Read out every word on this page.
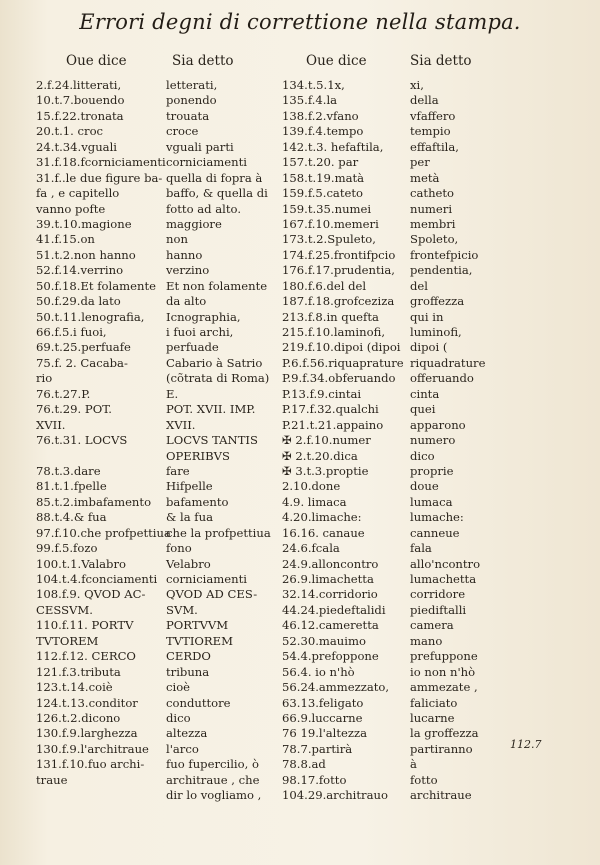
Errori degni di correttione nella stampa.
Oue dice
2.f.24.litterati,
10.t.7.bouendo
15.f.22.tronata
20.t.1. croc
24.t.34.vguali
31.f.18.fcorniciamenti
31.f..le due figure ba-
fa , e capitello
vanno pofte
39.t.10.magione
41.f.15.on
51.t.2.non hanno
52.f.14.verrino
50.f.18.Et folamente
50.f.29.da lato
50.t.11.lenografia,
66.f.5.i fuoi,
69.t.25.perfuafe
75.f. 2. Cacaba-
rio
76.t.27.P.
76.t.29. POT.
XVII.
76.t.31. LOCVS
78.t.3.dare
81.t.1.fpelle
85.t.2.imbafamento
88.t.4.& fua
97.f.10.che profpettiua
99.f.5.fozo
100.t.1.Valabro
104.t.4.fconciamenti
108.f.9. QVOD AC-
CESSVM.
110.f.11. PORTV
TVTOREM
112.f.12. CERCO
121.f.3.tributa
123.t.14.coiè
124.t.13.conditor
126.t.2.dicono
130.f.9.larghezza
130.f.9.l'architraue
131.f.10.fuo archi-
traue
Sia detto
letterati,
ponendo
trouata
croce
vguali parti
corniciamenti
quella di fopra à
baffo, & quella di
fotto ad alto.
maggiore
non
hanno
verzino
Et non folamente
da alto
Icnographia,
i fuoi archi,
perfuade
Cabario à Satrio
(cõtrata di Roma)
E.
POT. XVII. IMP.
XVII.
LOCVS TANTIS
OPERIBVS
fare
Hifpelle
bafamento
& la fua
che la profpettiua
fono
Velabro
corniciamenti
QVOD AD CES-
SVM.
PORTVVM
TVTIOREM
CERDO
tribuna
cioè
conduttore
dico
altezza
l'arco
fuo fupercilio, ò
architraue , che
dir lo vogliamo ,
Oue dice
134.t.5.1x,
135.f.4.la
138.f.2.vfano
139.f.4.tempo
142.t.3. hefaftila,
157.t.20. par
158.t.19.matà
159.f.5.cateto
159.t.35.numei
167.f.10.memeri
173.t.2.Spuleto,
174.f.25.frontifpcio
176.f.17.prudentia,
180.f.6.del del
187.f.18.grofceziza
213.f.8.in quefta
215.f.10.laminofi,
219.f.10.dipoi (dipoi
P.6.f.56.riquaprature
P.9.f.34.obferuando
P.13.f.9.cintai
P.17.f.32.qualchi
P.21.t.21.appaino
✠ 2.f.10.numer
✠ 2.t.20.dica
✠ 3.t.3.proptie
2.10.done
4.9. limaca
4.20.limache:
16.16. canaue
24.6.fcala
24.9.alloncontro
26.9.limachetta
32.14.corridorio
44.24.piedeftalidi
46.12.cameretta
52.30.mauimo
54.4.prefoppone
56.4. io n'hò
56.24.ammezzato,
63.13.feligato
66.9.luccarne
76 19.l'altezza
78.7.partirà
78.8.ad
98.17.fotto
104.29.architrauo
Sia detto
xi,
della
vfaffero
tempio
effaftila,
per
metà
catheto
numeri
membri
Spoleto,
frontefpicio
pendentia,
del
groffezza
qui in
luminofi,
dipoi (
riquadrature
offeruando
cinta
quei
apparono
numero
dico
proprie
doue
lumaca
lumache:
canneue
fala
allo'ncontro
lumachetta
corridore
piediftalli
camera
mano
prefuppone
io non n'hò
ammezate ,
faliciato
lucarne
la groffezza
partiranno
à
fotto
architraue
112.7
